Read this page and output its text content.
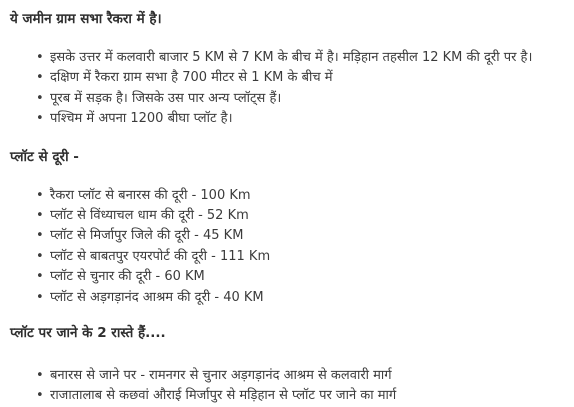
ये जमीन ग्राम सभा रैकरा में है।
• इसके उत्तर में कलवारी बाजार 5 KM से 7 KM के बीच में है। मड़िहान तहसील 12 KM की दूरी पर है।
• दक्षिण में रैकरा ग्राम सभा है 700 मीटर से 1 KM के बीच में
• पूरब में सड़क है। जिसके उस पार अन्य प्लॉट्स हैं।
• पश्चिम में अपना 1200 बीघा प्लॉट है।
प्लॉट से दूरी -
• रैकरा प्लॉट से बनारस की दूरी - 100 Km
• प्लॉट से विंध्याचल धाम की दूरी - 52 Km
• प्लॉट से मिर्जापुर जिले की दूरी - 45 KM
• प्लॉट से बाबतपुर एयरपोर्ट की दूरी - 111 Km
• प्लॉट से चुनार की दूरी - 60 KM
• प्लॉट से अड़गड़ानंद आश्रम की दूरी - 40 KM
प्लॉट पर जाने के 2 रास्ते हैं....
• बनारस से जाने पर - रामनगर से चुनार अड़गड़ानंद आश्रम से कलवारी मार्ग
• राजातालाब से कछवां औराई मिर्जापुर से मड़िहान से प्लॉट पर जाने का मार्ग
